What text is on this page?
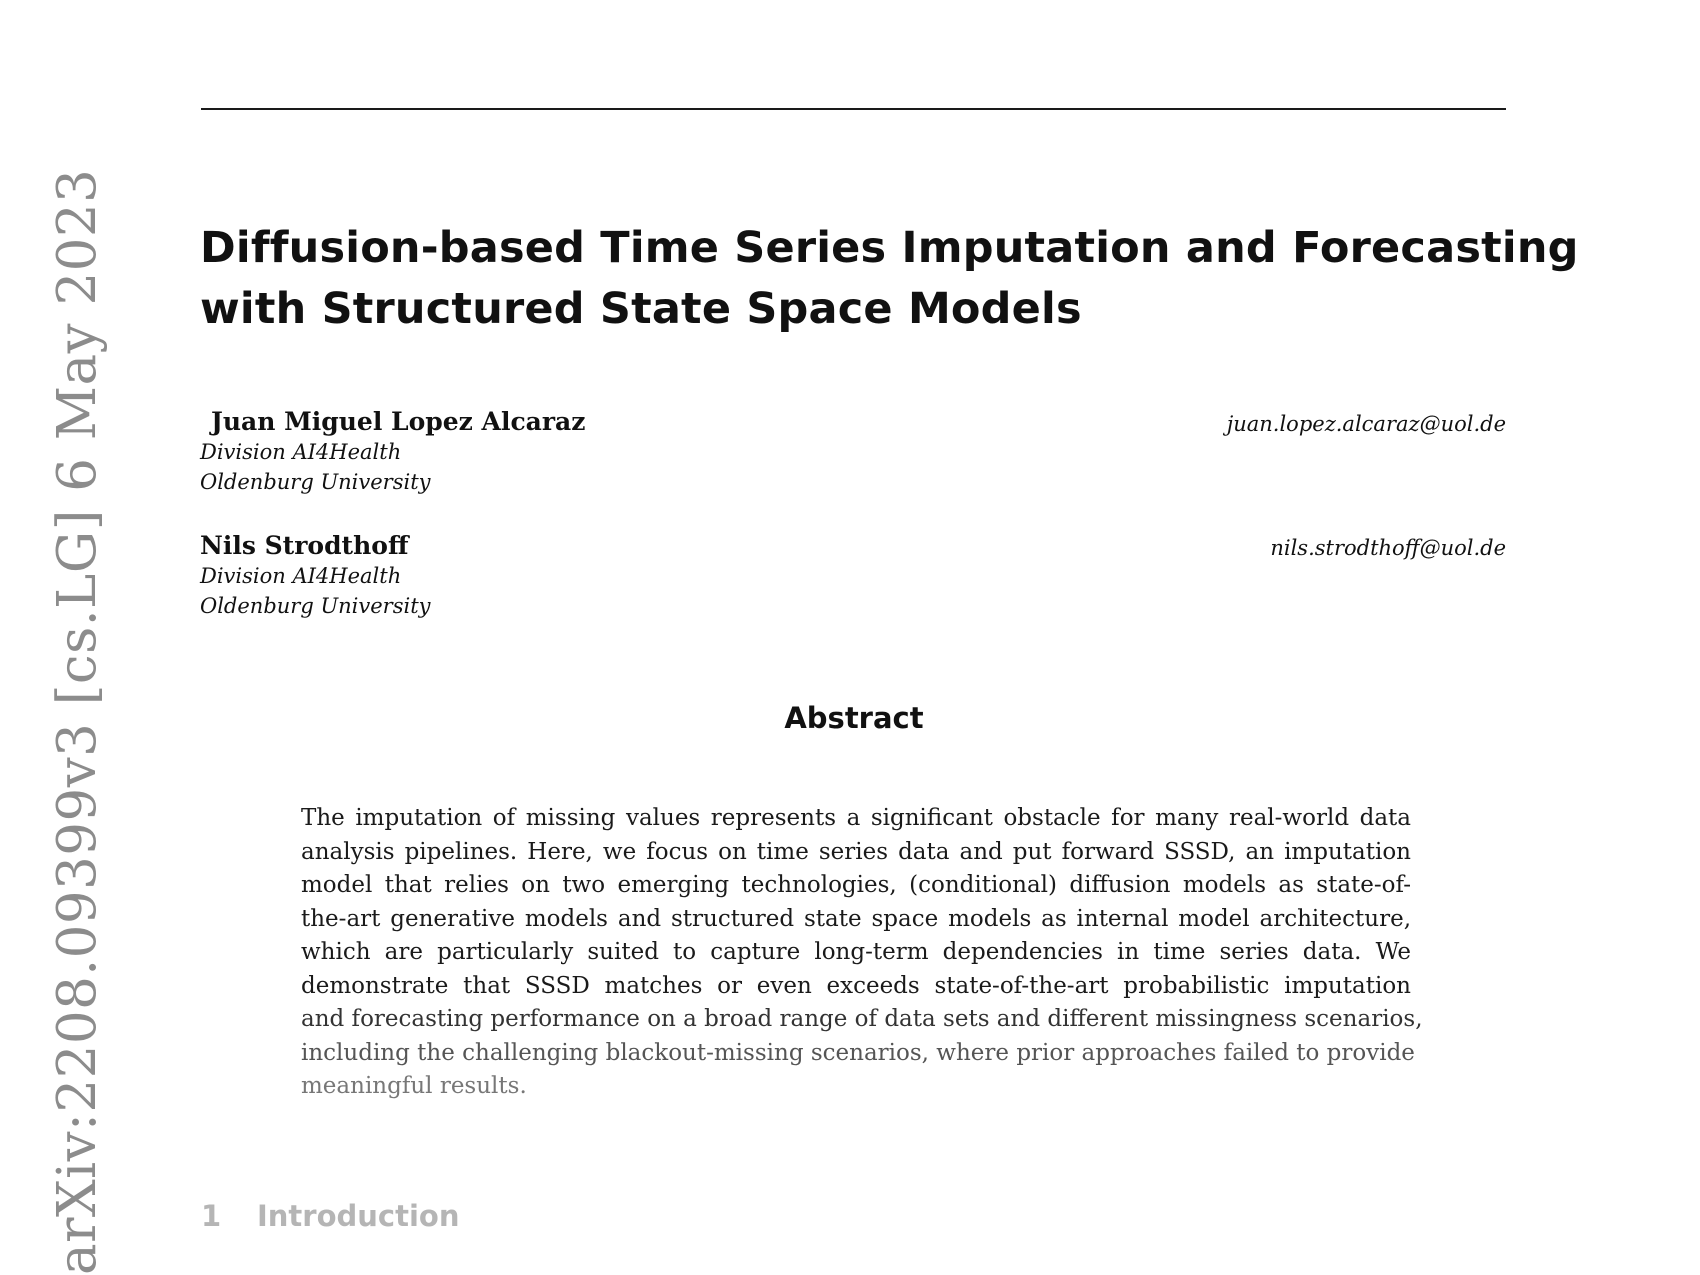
Diffusion-based Time Series Imputation and Forecasting
with Structured State Space Models
Juan Miguel Lopez Alcaraz	juan.lopez.alcaraz@uol.de
Division AI4Health
Oldenburg University
Nils Strodthoff	nils.strodthoff@uol.de
Division AI4Health
Oldenburg University
Abstract
The imputation of missing values represents a significant obstacle for many real-world data
analysis pipelines. Here, we focus on time series data and put forward SSSD, an imputation
model that relies on two emerging technologies, (conditional) diffusion models as state-of-
the-art generative models and structured state space models as internal model architecture,
which are particularly suited to capture long-term dependencies in time series data. We
demonstrate that SSSD matches or even exceeds state-of-the-art probabilistic imputation
and forecasting performance on a broad range of data sets and different missingness scenarios,
including the challenging blackout-missing scenarios, where prior approaches failed to provide
meaningful results.
1 Introduction
arXiv:2208.09399v3 [cs.LG] 6 May 2023
